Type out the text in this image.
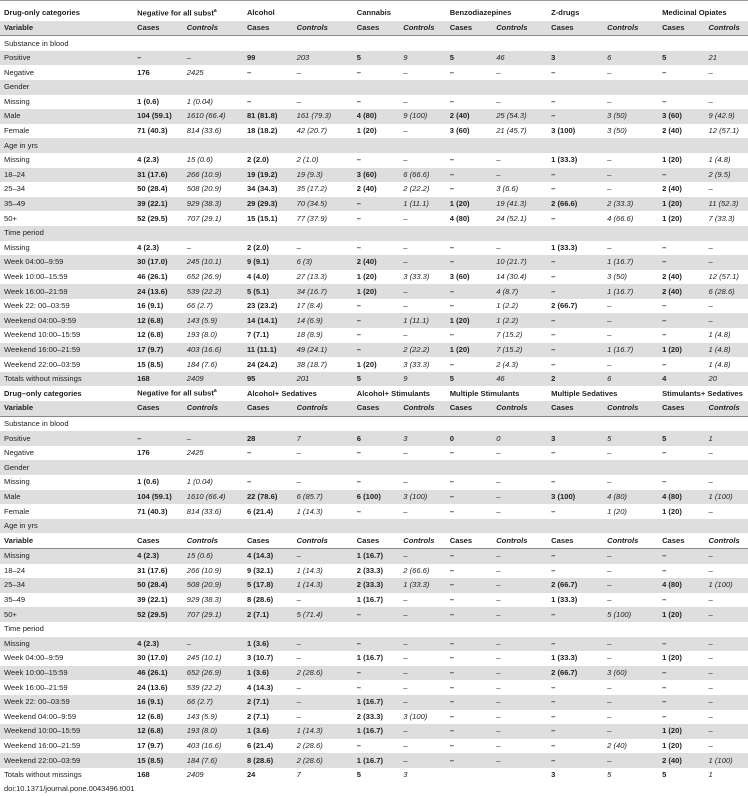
Drug-only categories	Negative for all subst$^a$		Alcohol		Cannabis		Benzodiazepines		Z-drugs		Medicinal Opiates	
Variable	Cases	Controls	Cases	Controls	Cases	Controls	Cases	Controls	Cases	Controls	Cases	Controls
Substance in blood												
Positive	–	–	99	203	5	9	5	46	3	6	5	21
Negative	176	2425	–	–	–	–	–	–	–	–	–	–
Gender												
Missing	1 (0.6)	1 (0.04)	–	–	–	–	–	–	–	–	–	–
Male	104 (59.1)	1610 (66.4)	81 (81.8)	161 (79.3)	4 (80)	9 (100)	2 (40)	25 (54.3)	–	3 (50)	3 (60)	9 (42.9)
Female	71 (40.3)	814 (33.6)	18 (18.2)	42 (20.7)	1 (20)	–	3 (60)	21 (45.7)	3 (100)	3 (50)	2 (40)	12 (57.1)
Age in yrs												
Missing	4 (2.3)	15 (0.6)	2 (2.0)	2 (1.0)	–	–	–	–	1 (33.3)	–	1 (20)	1 (4.8)
18–24	31 (17.6)	266 (10.9)	19 (19.2)	19 (9.3)	3 (60)	6 (66.6)	–	–	–	–	–	2 (9.5)
25–34	50 (28.4)	508 (20.9)	34 (34.3)	35 (17.2)	2 (40)	2 (22.2)	–	3 (6.6)	–	–	2 (40)	–
35–49	39 (22.1)	929 (38.3)	29 (29.3)	70 (34.5)	–	1 (11.1)	1 (20)	19 (41.3)	2 (66.6)	2 (33.3)	1 (20)	11 (52.3)
50+	52 (29.5)	707 (29.1)	15 (15.1)	77 (37.9)	–	–	4 (80)	24 (52.1)	–	4 (66.6)	1 (20)	7 (33.3)
Time period												
Missing	4 (2.3)	–	2 (2.0)	–	–	–	–	–	1 (33.3)	–	–	–
Week 04:00–9:59	30 (17.0)	245 (10.1)	9 (9.1)	6 (3)	2 (40)	–	–	10 (21.7)	–	1 (16.7)	–	–
Week 10:00–15:59	46 (26.1)	652 (26.9)	4 (4.0)	27 (13.3)	1 (20)	3 (33.3)	3 (60)	14 (30.4)	–	3 (50)	2 (40)	12 (57.1)
Week 16:00–21:59	24 (13.6)	539 (22.2)	5 (5.1)	34 (16.7)	1 (20)	–	–	4 (8.7)	–	1 (16.7)	2 (40)	6 (28.6)
Week 22: 00–03:59	16 (9.1)	66 (2.7)	23 (23.2)	17 (8.4)	–	–	–	1 (2.2)	2 (66.7)	–	–	–
Weekend 04:00–9:59	12 (6.8)	143 (5.9)	14 (14.1)	14 (6.9)	–	1 (11.1)	1 (20)	1 (2.2)	–	–	–	–
Weekend 10:00–15:59	12 (6.8)	193 (8.0)	7 (7.1)	18 (8.9)	–	–	–	7 (15.2)	–	–	–	1 (4.8)
Weekend 16:00–21:59	17 (9.7)	403 (16.6)	11 (11.1)	49 (24.1)	–	2 (22.2)	1 (20)	7 (15.2)	–	1 (16.7)	1 (20)	1 (4.8)
Weekend 22:00–03:59	15 (8.5)	184 (7.6)	24 (24.2)	38 (18.7)	1 (20)	3 (33.3)	–	2 (4.3)	–	–	–	1 (4.8)
Totals without missings	168	2409	95	201	5	9	5	46	2	6	4	20
Drug–only categories	Negative for all subst$^a$		Alcohol+ Sedatives		Alcohol+ Stimulants		Multiple Stimulants		Multiple Sedatives		Stimulants+ Sedatives	
Variable	Cases	Controls	Cases	Controls	Cases	Controls	Cases	Controls	Cases	Controls	Cases	Controls
Substance in blood												
Positive	–	–	28	7	6	3	0	0	3	5	5	1
Negative	176	2425	–	–	–	–	–	–	–	–	–	–
Gender												
Missing	1 (0.6)	1 (0.04)	–	–	–	–	–	–	–	–	–	–
Male	104 (59.1)	1610 (66.4)	22 (78.6)	6 (85.7)	6 (100)	3 (100)	–	–	3 (100)	4 (80)	4 (80)	1 (100)
Female	71 (40.3)	814 (33.6)	6 (21.4)	1 (14.3)	–	–	–	–	–	1 (20)	1 (20)	–
Age in yrs												
Variable	Cases	Controls	Cases	Controls	Cases	Controls	Cases	Controls	Cases	Controls	Cases	Controls
Missing	4 (2.3)	15 (0.6)	4 (14.3)	–	1 (16.7)	–	–	–	–	–	–	–
18–24	31 (17.6)	266 (10.9)	9 (32.1)	1 (14.3)	2 (33.3)	2 (66.6)	–	–	–	–	–	–
25–34	50 (28.4)	508 (20.9)	5 (17.8)	1 (14.3)	2 (33.3)	1 (33.3)	–	–	2 (66.7)	–	4 (80)	1 (100)
35–49	39 (22.1)	929 (38.3)	8 (28.6)	–	1 (16.7)	–	–	–	1 (33.3)	–	–	–
50+	52 (29.5)	707 (29.1)	2 (7.1)	5 (71.4)	–	–	–	–	–	5 (100)	1 (20)	–
Time period												
Missing	4 (2.3)	–	1 (3.6)	–	–	–	–	–	–	–	–	–
Week 04:00–9:59	30 (17.0)	245 (10.1)	3 (10.7)	–	1 (16.7)	–	–	–	1 (33.3)	–	1 (20)	–
Week 10:00–15:59	46 (26.1)	652 (26.9)	1 (3.6)	2 (28.6)	–	–	–	–	2 (66.7)	3 (60)	–	–
Week 16:00–21:59	24 (13.6)	539 (22.2)	4 (14.3)	–	–	–	–	–	–	–	–	–
Week 22: 00–03:59	16 (9.1)	66 (2.7)	2 (7.1)	–	1 (16.7)	–	–	–	–	–	–	–
Weekend 04:00–9:59	12 (6.8)	143 (5.9)	2 (7.1)	–	2 (33.3)	3 (100)	–	–	–	–	–	–
Weekend 10:00–15:59	12 (6.8)	193 (8.0)	1 (3.6)	1 (14.3)	1 (16.7)	–	–	–	–	–	1 (20)	–
Weekend 16:00–21:59	17 (9.7)	403 (16.6)	6 (21.4)	2 (28.6)	–	–	–	–	–	2 (40)	1 (20)	–
Weekend 22:00–03:59	15 (8.5)	184 (7.6)	8 (28.6)	2 (28.6)	1 (16.7)	–	–	–	–	–	2 (40)	1 (100)
Totals without missings	168	2409	24	7	5	3			3	5	5	1
doi:10.1371/journal.pone.0043496.t001
